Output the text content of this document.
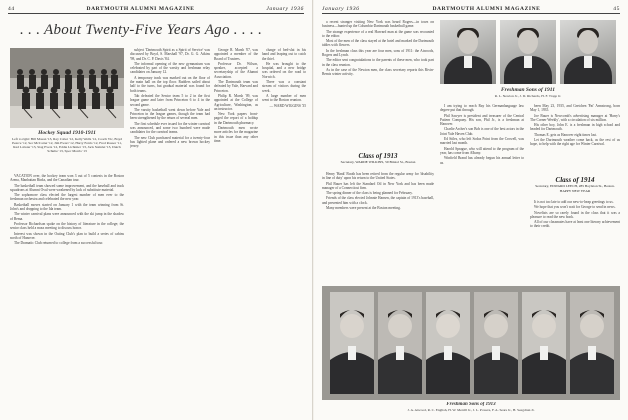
44	DARTMOUTH ALUMNI MAGAZINE	January 1936
. . . About Twenty-Five Years Ago . . . .
Hockey Squad 1910-1911
Left to right: Bill Mason '13, Ray Cabot '12, Kelly Wells '12, Coach Vic, Boyd Pearce '12, Sec McCarter '12, Jim Ewart '12, Harry Ferris '12, Fred Rosser '11, Red Lobster '13, Stag Evers '12, Eddie Lichtnier '13, Jack Stainlet '13, Dutch Schulte '13, Spec Morris '13

VACATION over, the hockey team won 3 out of 5 contests in the Boston Arena, Manhattan Rinks, and the Canadian tour.

The basketball team showed some improvement, and the baseball and track squadrons at Alumni Oval were weakened by lack of substitute material.

The sophomore class elected the largest number of men ever to the freshman orchestra and celebrated the new year.

Basketball moves started on January 1 with the team winning from St. John's and dropping to the Ida team.

The winter carnival plans were announced with the ski jump in the shadow of Bema.

Professor Richardson spoke on the history of literature in the college; the senior class held a mass meeting to discuss honor.

Interest was shown in the Outing Club's plan to build a series of cabins north of Hanover.

The Dramatic Club returned to college from a successful tour.

subject 'Dartmouth Spirit as a Spirit of Service' was discussed by Boyd, S. Marshall '97, Dr. G. G. Atkins '98, and Dr. C. P. Davis '84.

The informal opening of the new gymnasium was celebrated by part of the varsity and freshman relay candidates on January 12.

A temporary track was marked out on the floor of the main hall on the top floor. Rudders sailed about half to the turns, but gradual material was found for both teams.

Tab defeated the Senior team 5 to 2 in the first league game and later from Princeton 6 to 4 in the second game.

The varsity basketball went down before Yale and Princeton in the league games, though the team had been strengthened by the return of several men.

The first schedule ever issued for the winter carnival was announced, and some two hundred were made candidates for the carnival teams.

The new Club purchased material for a twenty-four bus lighted plane and ordered a new brown hockey jersey.

George R. Marsh '07, was appointed a member of the Board of Trustees.

Professor Dr. Wilson, speaker, accepted a secretaryship of the Alumni Association.

The Dartmouth team was defeated by Yale, Harvard and Princeton.

Philip R. Marsh '09, was appointed at the College of Agriculture, Washington, as an instructor.

New York papers front-paged the report of a holdup in the Dartmouth pharmacy.

Dartmouth men wrote more articles for the magazine in this issue than any other time.

charge of bed-slat in his hand and leaping out to catch the thief.

He was brought to the hospital, and a new bridge was ordered on the road to Norwich.

There was a constant stream of visitors during the week.

A large number of men went to the Boston reunion.

— WARD WIGGINS '35

January 1936	DARTMOUTH ALUMNI MAGAZINE	45

a recent stranger visiting New York was heard Rogers—in town on business—hunted up the Columbia-Dartmouth basketball game.

The strange experience of a real Harvard man at the game was recounted to the editor.

Most of the men of the class stayed at the hotel and marked the Dartmouth tables with flowers.

In the freshman class this year are four men, sons of 1911: the Atwoods, Rogers and Lynch.

The editor sent congratulations to the parents of these men, who took part in the class reunion.

As in the case of the Newton men, the class secretary reports this Rivin-Bemis winter activity.

Freshman Sons of 1911
R. L. Newton Jr., J. D. Richards, H. F. Trapp Jr.
Class of 1913
Secretary, WARDE WILKINS, 50 Bristol St., Boston

Henry 'Hank' Booth has been retired from the regular army for 'disability in line of duty' upon his return to the United States.

Phil Bauer has left the Standard Oil in New York and has been made manager of a Connecticut firm.

The spring dinner of the class is being planned for February.

Friends of the class elected Johnnie Hansen, the captain of 1913's baseball, and presented him with a clock.

Many members were present at the Boston meeting.

I am trying to reach Ray his Germanlanguage law degree put that through.

Phil Sawyer is president and treasurer of the Central Pattern Company. His son, Phil Jr., is a freshman at Hanover.

Charlie Archer's son Bob is one of the best actors in the Joint Yale Haven Club.

Ed Stiles, who left Sodus Point from the Crowell, was married last month.

Harold Sprague, who will attend to the program of the year, has come from Albany.

Winfield Brand has already begun his annual letter to us.

been May 23, 1935, and Gretchen 'Pat' Armstrong, born May 1, 1935.

Joe Bauer is Newcomb's advertising manager at 'Harry's The Corner Weekly', with a circulation of six million.

His other boy, John E. is a freshman in high school and headed for Dartmouth.

Thomas E. gets as Hanover eight times last.

Let the Dartmouth weather come back, as the rest of us hope, to help with the right age for Winter Carnival.

Class of 1914
Secretary, EDWARD LEECH, 285 Boylston St., Boston. HAPPY NEW YEAR

It is not too late to add our new-to-heap greetings to us.

We hope that you won't wait for George to send in news.

Novelists are so rarely found in the class that it was a pleasure to read the new book.

All of our classmates have at least one literary achievement to their credit.

Freshman Sons of 1913
J. A. Atwood, R. C. English, H. W. Merrill Jr., J. L. Powers, F. A. Sears Jr., H. Seegdrun Jr.
